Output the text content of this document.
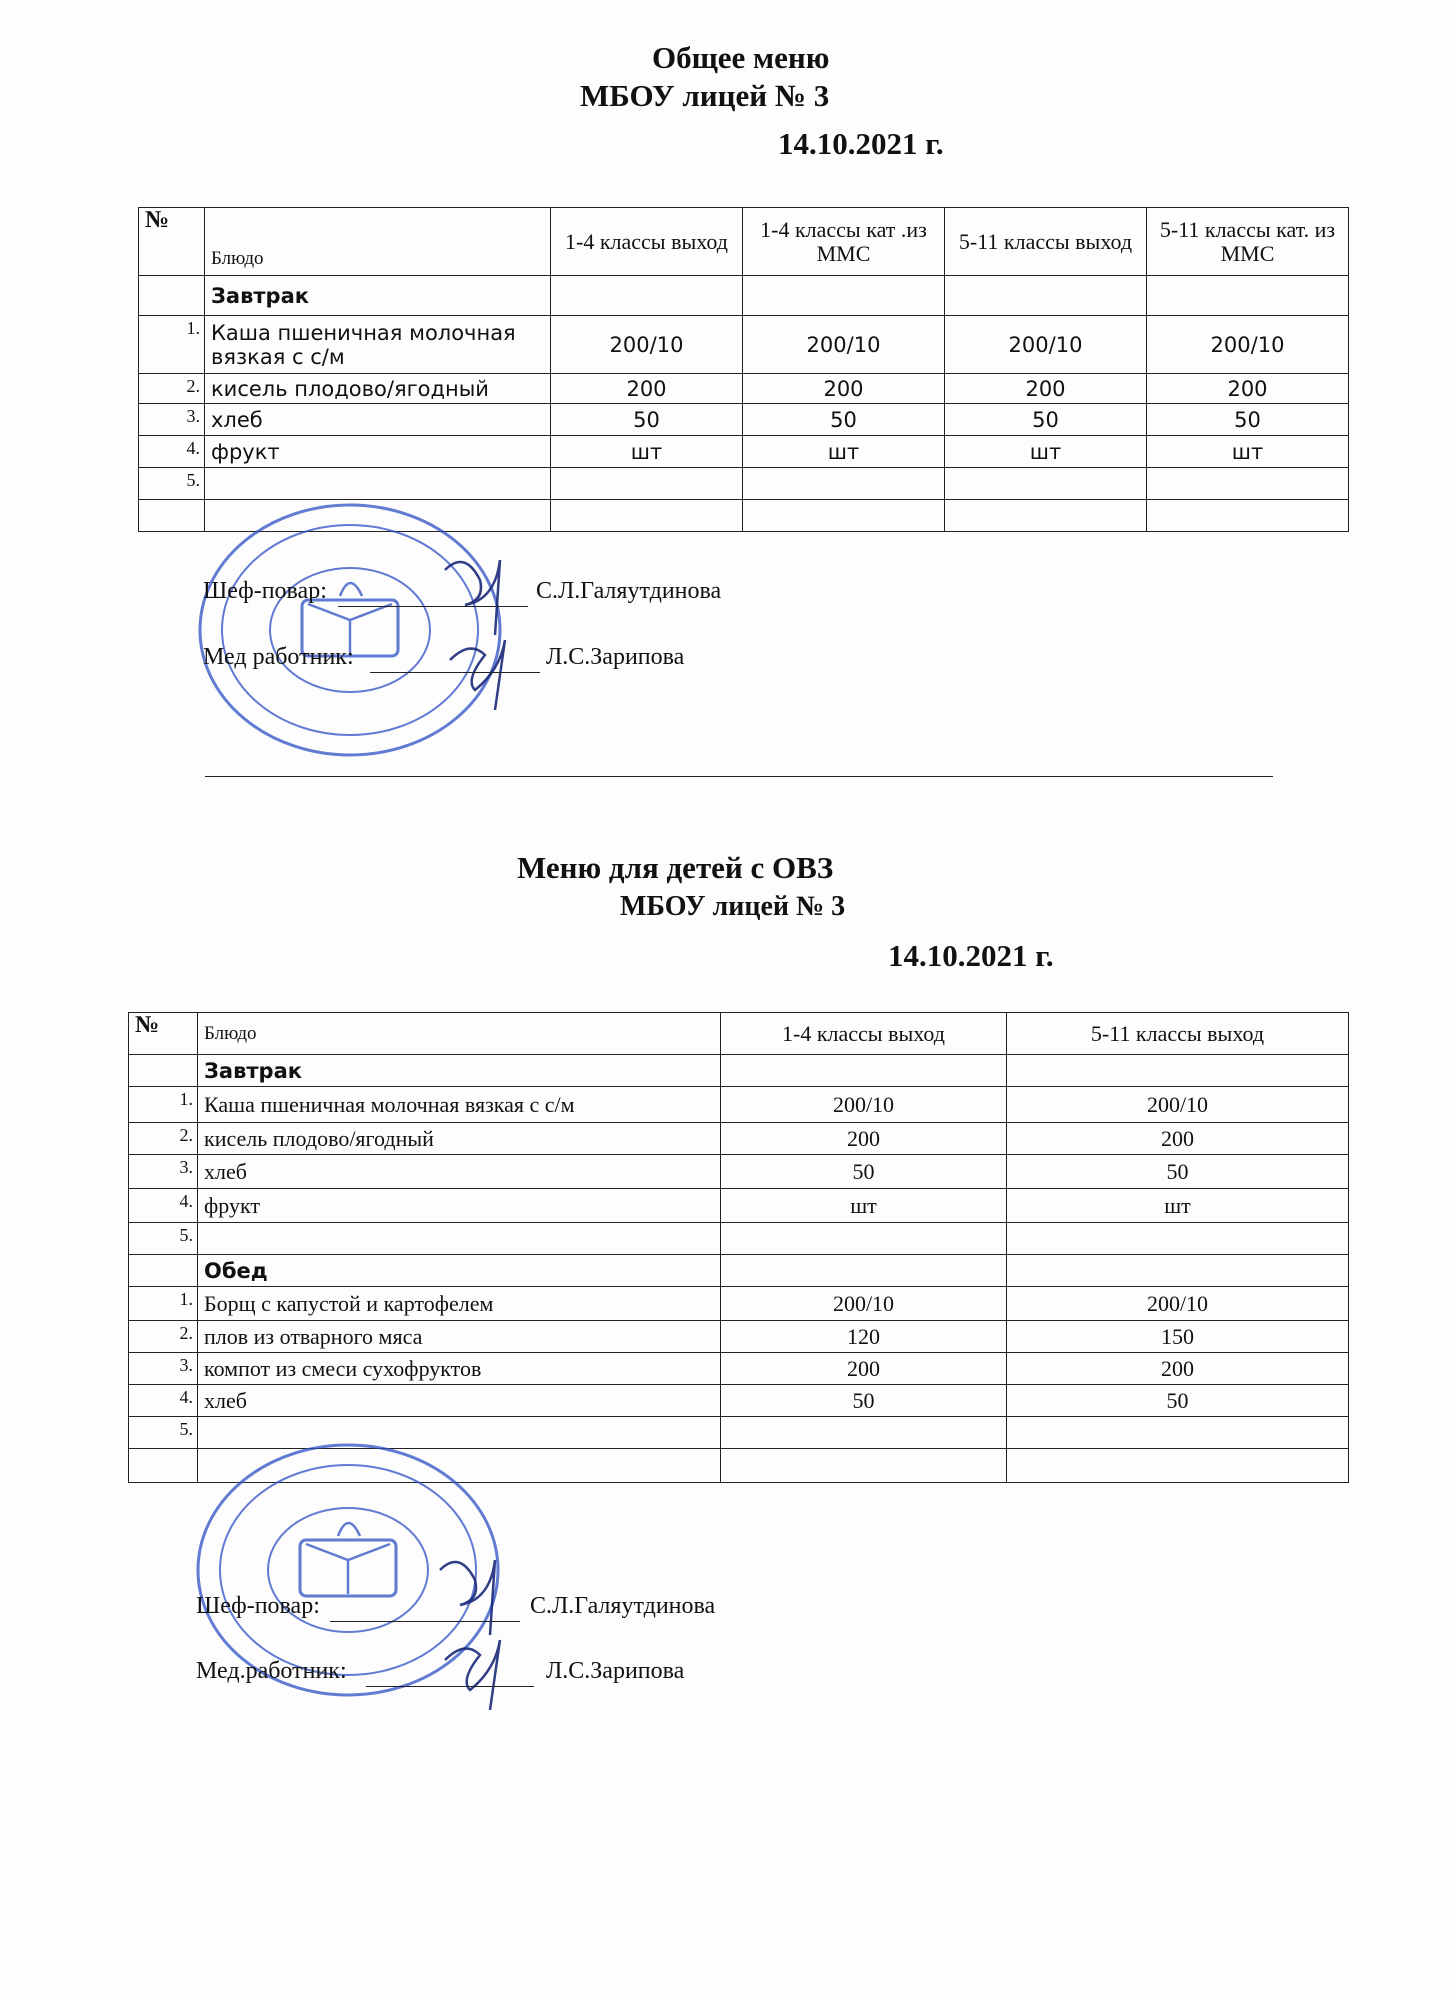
Общее меню
МБОУ лицей № 3
14.10.2021 г.
№	Блюдо	1-4 классы выход	1-4 классы кат .из ММС	5-11 классы выход	5-11 классы кат. из ММС
	Завтрак				
1.	Каша пшеничная молочная вязкая с с/м	200/10	200/10	200/10	200/10
2.	кисель плодово/ягодный	200	200	200	200
3.	хлеб	50	50	50	50
4.	фрукт	шт	шт	шт	шт
5.					

Шеф-повар:	С.Л.Галяутдинова
Мед работник:	Л.С.Зарипова
Меню для детей с ОВЗ
МБОУ лицей № 3
14.10.2021 г.
№	Блюдо	1-4 классы выход	5-11 классы выход
	Завтрак		
1.	Каша пшеничная молочная вязкая с с/м	200/10	200/10
2.	кисель плодово/ягодный	200	200
3.	хлеб	50	50
4.	фрукт	шт	шт
5.			
	Обед		
1.	Борщ с капустой и картофелем	200/10	200/10
2.	плов из отварного мяса	120	150
3.	компот из смеси сухофруктов	200	200
4.	хлеб	50	50
5.			

Шеф-повар:	С.Л.Галяутдинова
Мед.работник:	Л.С.Зарипова
